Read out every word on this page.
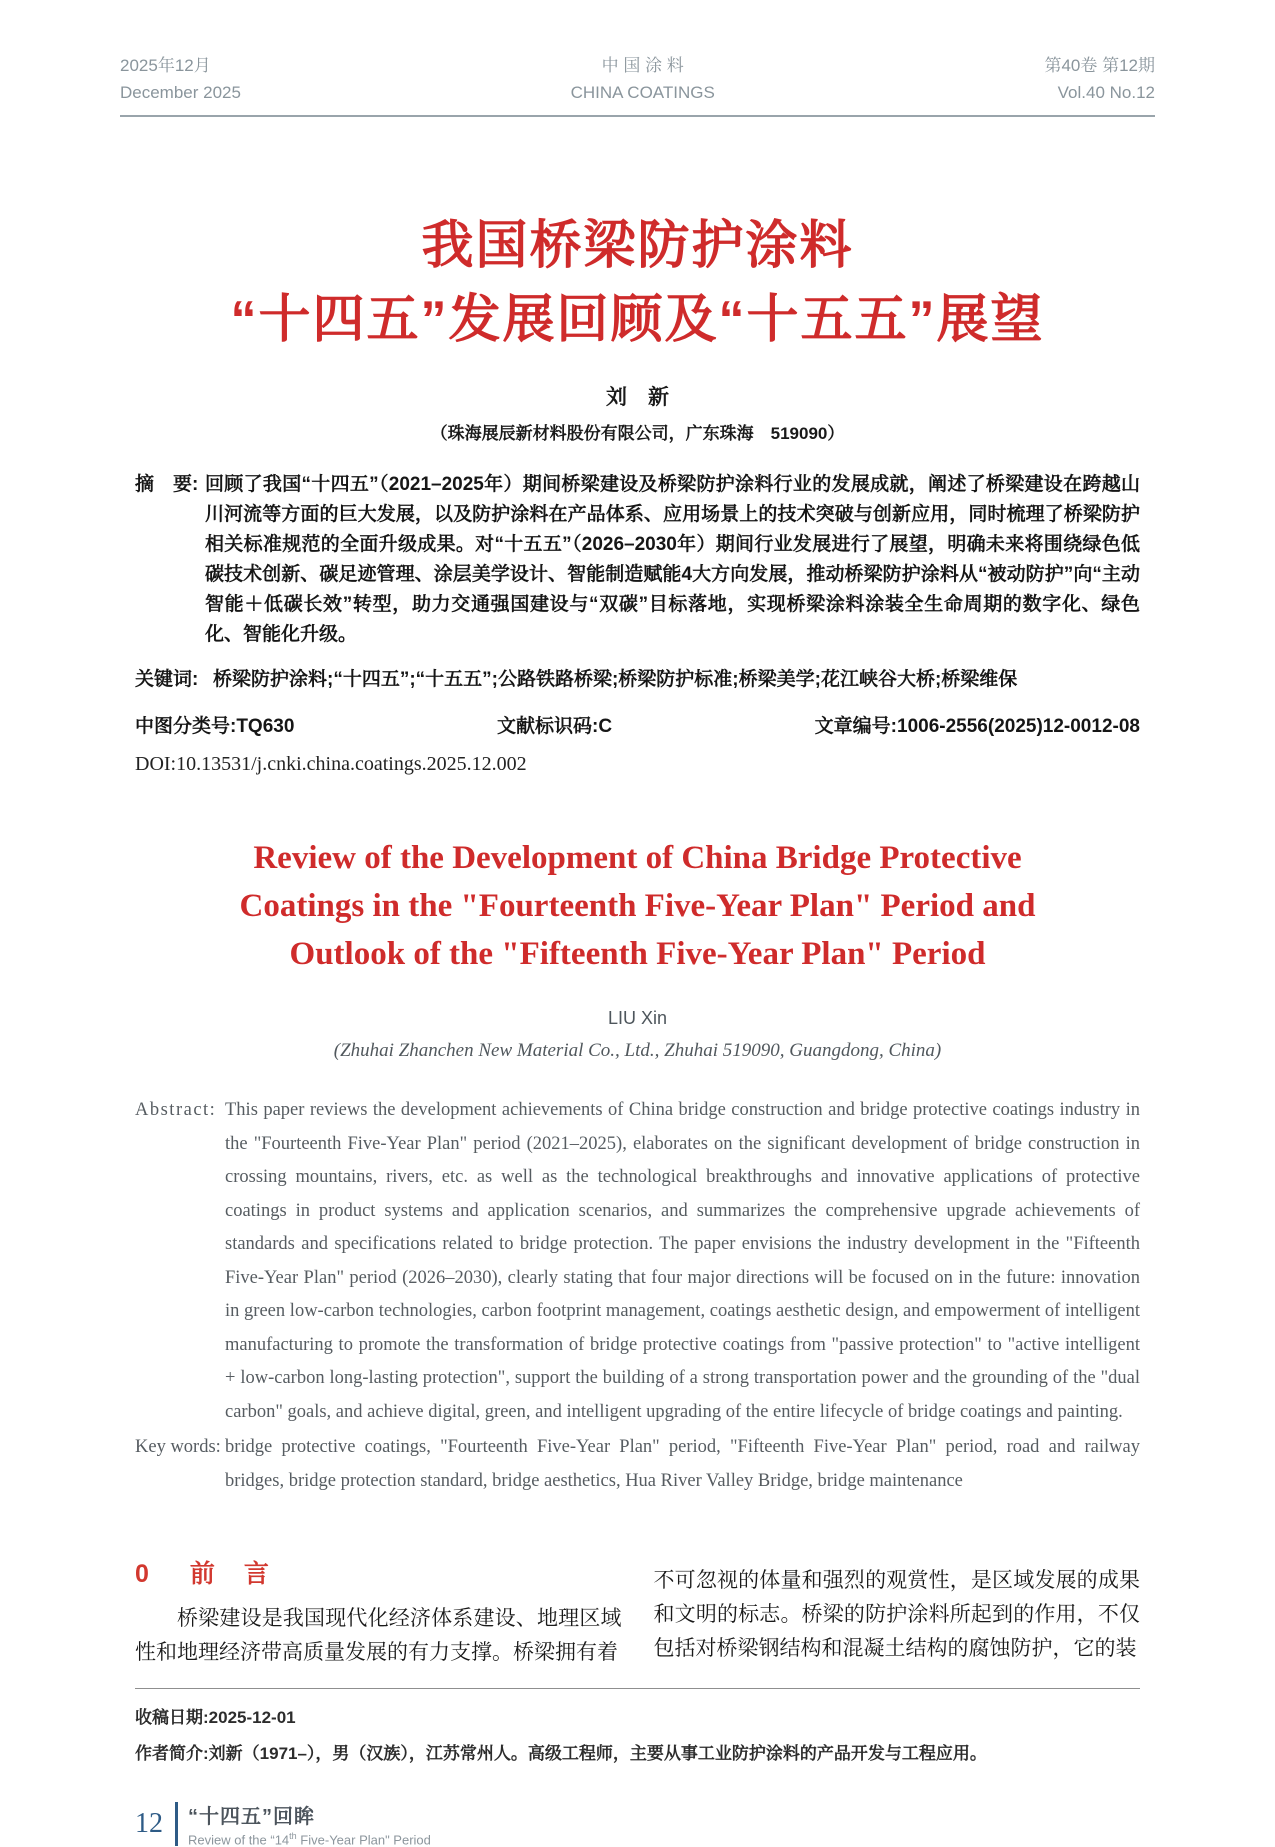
2025年12月
December 2025
中 国 涂 料
CHINA COATINGS
第40卷 第12期
Vol.40 No.12
我国桥梁防护涂料
“十四五”发展回顾及“十五五”展望
刘　新
（珠海展辰新材料股份有限公司，广东珠海　519090）
摘　要: 回顾了我国“十四五”（2021–2025年）期间桥梁建设及桥梁防护涂料行业的发展成就，阐述了桥梁建设在跨越山川河流等方面的巨大发展，以及防护涂料在产品体系、应用场景上的技术突破与创新应用，同时梳理了桥梁防护相关标准规范的全面升级成果。对“十五五”（2026–2030年）期间行业发展进行了展望，明确未来将围绕绿色低碳技术创新、碳足迹管理、涂层美学设计、智能制造赋能4大方向发展，推动桥梁防护涂料从“被动防护”向“主动智能＋低碳长效”转型，助力交通强国建设与“双碳”目标落地，实现桥梁涂料涂装全生命周期的数字化、绿色化、智能化升级。
关键词: 桥梁防护涂料;“十四五”;“十五五”;公路铁路桥梁;桥梁防护标准;桥梁美学;花江峡谷大桥;桥梁维保
中图分类号:TQ630	文献标识码:C	文章编号:1006-2556(2025)12-0012-08
DOI:10.13531/j.cnki.china.coatings.2025.12.002
Review of the Development of China Bridge Protective
Coatings in the "Fourteenth Five-Year Plan" Period and
Outlook of the "Fifteenth Five-Year Plan" Period
LIU Xin
(Zhuhai Zhanchen New Material Co., Ltd., Zhuhai 519090, Guangdong, China)
Abstract: This paper reviews the development achievements of China bridge construction and bridge protective coatings industry in the "Fourteenth Five-Year Plan" period (2021–2025), elaborates on the significant development of bridge construction in crossing mountains, rivers, etc. as well as the technological breakthroughs and innovative applications of protective coatings in product systems and application scenarios, and summarizes the comprehensive upgrade achievements of standards and specifications related to bridge protection. The paper envisions the industry development in the "Fifteenth Five-Year Plan" period (2026–2030), clearly stating that four major directions will be focused on in the future: innovation in green low-carbon technologies, carbon footprint management, coatings aesthetic design, and empowerment of intelligent manufacturing to promote the transformation of bridge protective coatings from "passive protection" to "active intelligent + low-carbon long-lasting protection", support the building of a strong transportation power and the grounding of the "dual carbon" goals, and achieve digital, green, and intelligent upgrading of the entire lifecycle of bridge coatings and painting.
Key words: bridge protective coatings, "Fourteenth Five-Year Plan" period, "Fifteenth Five-Year Plan" period, road and railway bridges, bridge protection standard, bridge aesthetics, Hua River Valley Bridge, bridge maintenance
0 前　言

桥梁建设是我国现代化经济体系建设、地理区域性和地理经济带高质量发展的有力支撑。桥梁拥有着

不可忽视的体量和强烈的观赏性，是区域发展的成果和文明的标志。桥梁的防护涂料所起到的作用，不仅包括对桥梁钢结构和混凝土结构的腐蚀防护，它的装

收稿日期:2025-12-01
作者简介:刘新（1971–），男（汉族），江苏常州人。高级工程师，主要从事工业防护涂料的产品开发与工程应用。
12 “十四五”回眸
Review of the “14th Five-Year Plan" Period
